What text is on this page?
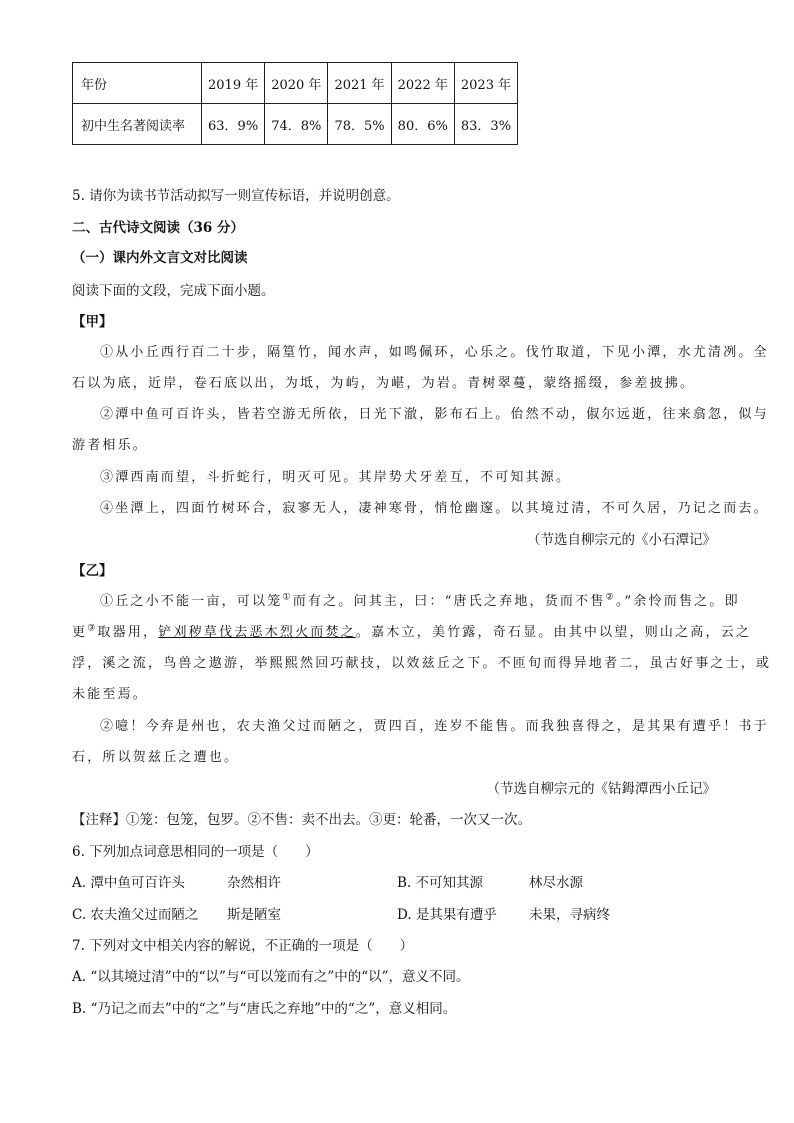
年份	2019 年	2020 年	2021 年	2022 年	2023 年
初中生名著阅读率	63．9%	74．8%	78．5%	80．6%	83．3%
5. 请你为读书节活动拟写一则宣传标语，并说明创意。
二、古代诗文阅读（36 分）
（一）课内外文言文对比阅读
阅读下面的文段，完成下面小题。
【甲】
①从小丘西行百二十步，隔篁竹，闻水声，如鸣佩环，心乐之。伐竹取道，下见小潭，水尤清冽。全
石以为底，近岸，卷石底以出，为坻，为屿，为嵁，为岩。青树翠蔓，蒙络摇缀，参差披拂。
②潭中鱼可百许头，皆若空游无所依，日光下澈，影布石上。佁然不动，俶尔远逝，往来翕忽，似与
游者相乐。
③潭西南而望，斗折蛇行，明灭可见。其岸势犬牙差互，不可知其源。
④坐潭上，四面竹树环合，寂寥无人，凄神寒骨，悄怆幽邃。以其境过清，不可久居，乃记之而去。
（节选自柳宗元的《小石潭记》
【乙】
①丘之小不能一亩，可以笼①而有之。问其主，曰：“唐氏之弃地，货而不售②。”余怜而售之。即
更③取器用，铲刈秽草伐去恶木烈火而焚之。嘉木立，美竹露，奇石显。由其中以望，则山之高，云之
浮，溪之流，鸟兽之遨游，举熙熙然回巧献技，以效兹丘之下。不匝旬而得异地者二，虽古好事之士，或
未能至焉。
②噫！今弃是州也，农夫渔父过而陋之，贾四百，连岁不能售。而我独喜得之，是其果有遭乎！书于
石，所以贺兹丘之遭也。
（节选自柳宗元的《钴鉧潭西小丘记》
【注释】①笼：包笼，包罗。②不售：卖不出去。③更：轮番，一次又一次。
6. 下列加点词意思相同的一项是（　　）
A. 潭中鱼可百许头	杂然相许	B. 不可知其源	林尽水源
C. 农夫渔父过而陋之 斯是陋室	D. 是其果有遭乎 未果，寻病终
7. 下列对文中相关内容的解说，不正确的一项是（　　）
A. “以其境过清”中的“以”与“可以笼而有之”中的“以”，意义不同。
B. “乃记之而去”中的“之”与“唐氏之弃地”中的“之”，意义相同。
